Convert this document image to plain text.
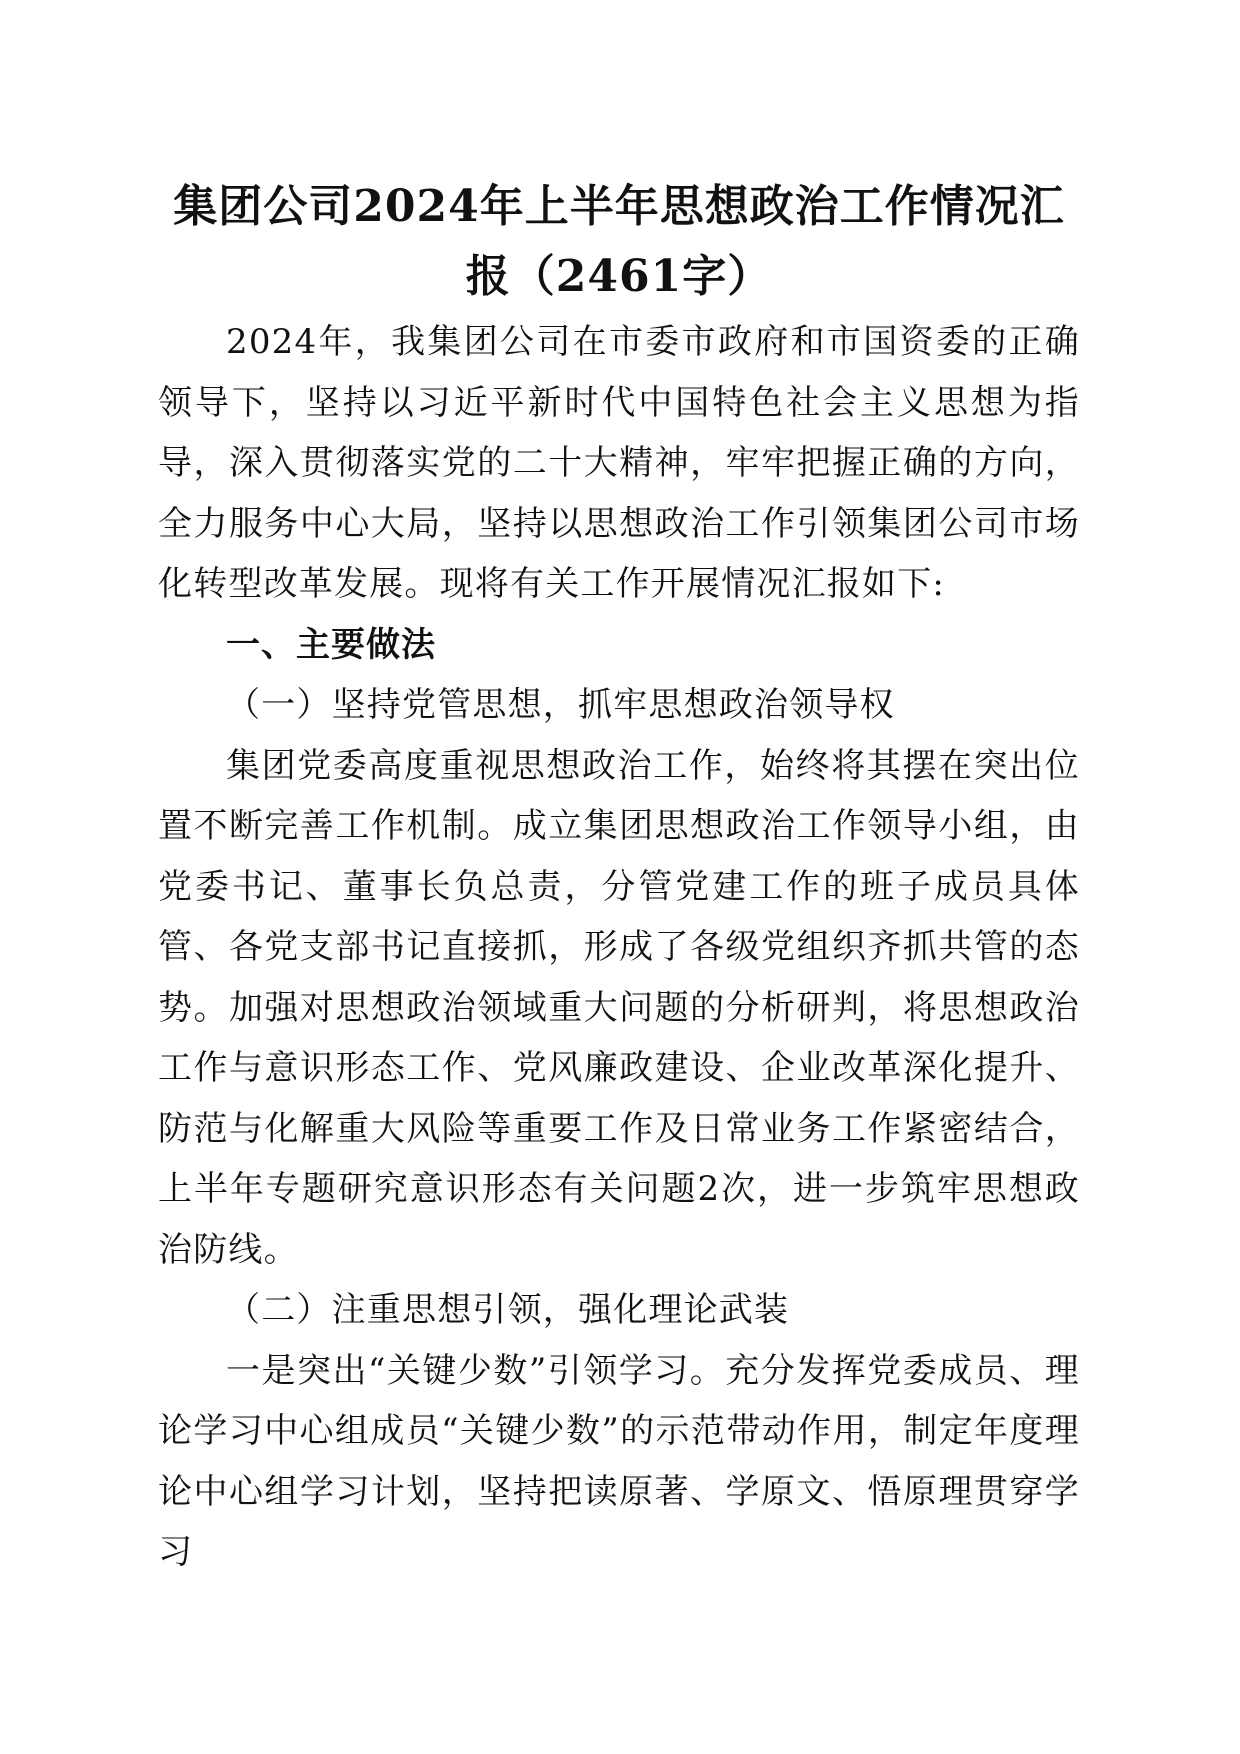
集团公司2024年上半年思想政治工作情况汇
报（2461字）

2024年，我集团公司在市委市政府和市国资委的正确领导下，坚持以习近平新时代中国特色社会主义思想为指导，深入贯彻落实党的二十大精神，牢牢把握正确的方向，全力服务中心大局，坚持以思想政治工作引领集团公司市场化转型改革发展。现将有关工作开展情况汇报如下:

一、主要做法

（一）坚持党管思想，抓牢思想政治领导权

集团党委高度重视思想政治工作，始终将其摆在突出位置不断完善工作机制。成立集团思想政治工作领导小组，由党委书记、董事长负总责，分管党建工作的班子成员具体管、各党支部书记直接抓，形成了各级党组织齐抓共管的态势。加强对思想政治领域重大问题的分析研判，将思想政治工作与意识形态工作、党风廉政建设、企业改革深化提升、防范与化解重大风险等重要工作及日常业务工作紧密结合，上半年专题研究意识形态有关问题2次，进一步筑牢思想政治防线。

（二）注重思想引领，强化理论武装

一是突出“关键少数”引领学习。充分发挥党委成员、理论学习中心组成员“关键少数”的示范带动作用，制定年度理论中心组学习计划，坚持把读原著、学原文、悟原理贯穿学习
